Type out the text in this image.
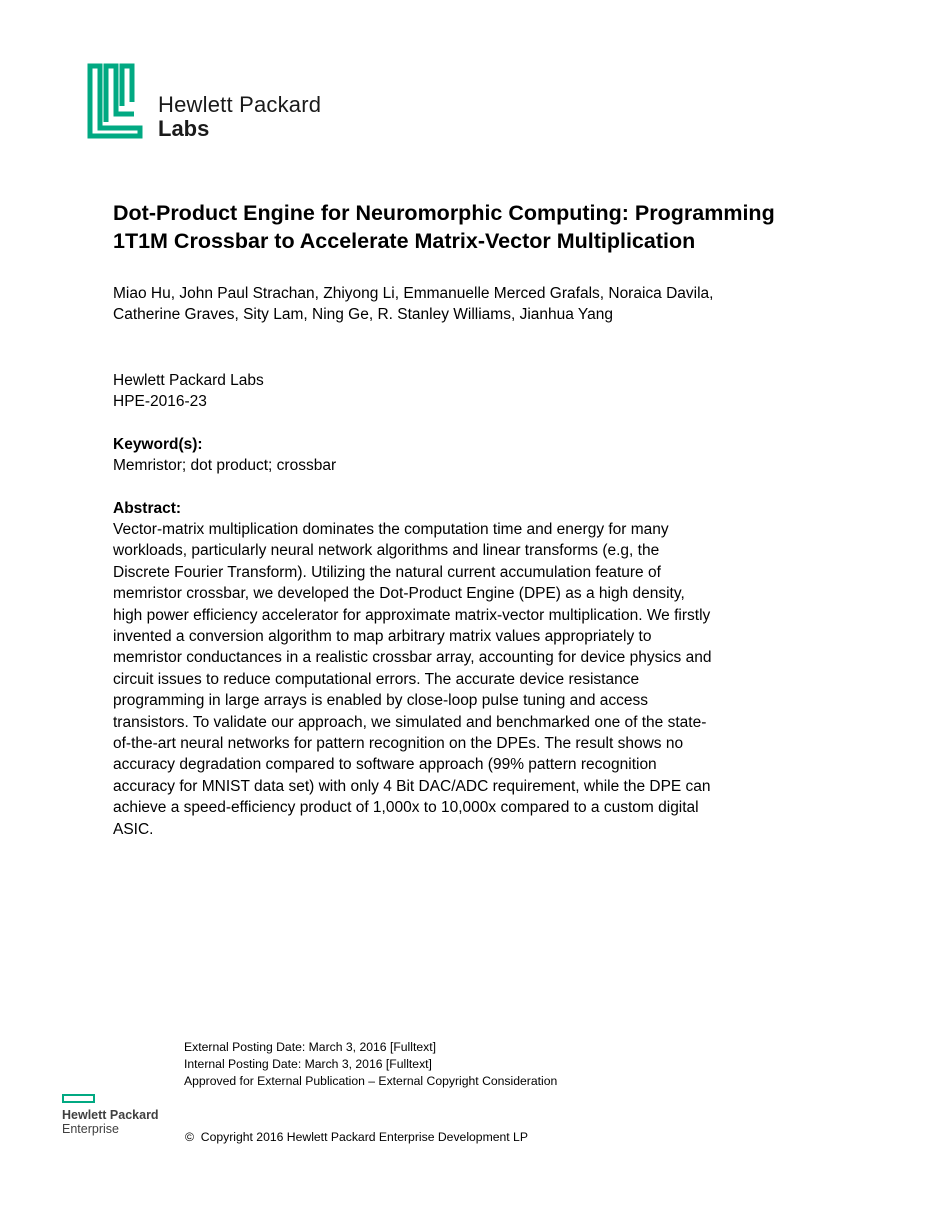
Hewlett Packard
Labs
Dot-Product Engine for Neuromorphic Computing: Programming
1T1M Crossbar to Accelerate Matrix-Vector Multiplication
Miao Hu, John Paul Strachan, Zhiyong Li, Emmanuelle Merced Grafals, Noraica Davila,
Catherine Graves, Sity Lam, Ning Ge, R. Stanley Williams, Jianhua Yang
Hewlett Packard Labs
HPE-2016-23
Keyword(s):
Memristor; dot product; crossbar
Abstract:
Vector-matrix multiplication dominates the computation time and energy for many
workloads, particularly neural network algorithms and linear transforms (e.g, the
Discrete Fourier Transform). Utilizing the natural current accumulation feature of
memristor crossbar, we developed the Dot-Product Engine (DPE) as a high density,
high power efficiency accelerator for approximate matrix-vector multiplication. We firstly
invented a conversion algorithm to map arbitrary matrix values appropriately to
memristor conductances in a realistic crossbar array, accounting for device physics and
circuit issues to reduce computational errors. The accurate device resistance
programming in large arrays is enabled by close-loop pulse tuning and access
transistors. To validate our approach, we simulated and benchmarked one of the state-
of-the-art neural networks for pattern recognition on the DPEs. The result shows no
accuracy degradation compared to software approach (99% pattern recognition
accuracy for MNIST data set) with only 4 Bit DAC/ADC requirement, while the DPE can
achieve a speed-efficiency product of 1,000x to 10,000x compared to a custom digital
ASIC.
External Posting Date: March 3, 2016 [Fulltext]
Internal Posting Date: March 3, 2016 [Fulltext]
Approved for External Publication – External Copyright Consideration
Hewlett Packard
Enterprise
© Copyright 2016 Hewlett Packard Enterprise Development LP
